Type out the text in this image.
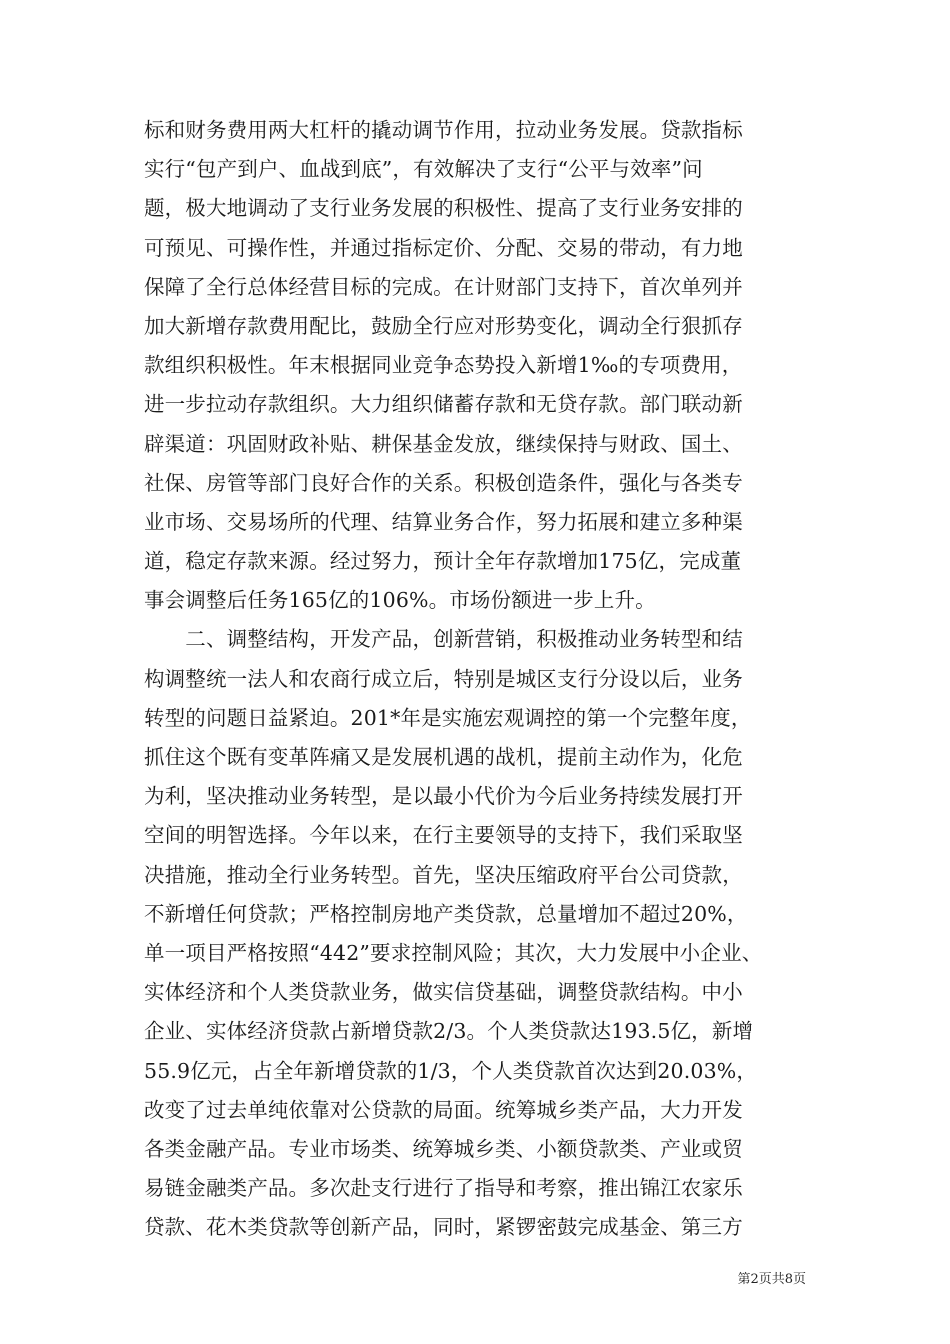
标和财务费用两大杠杆的撬动调节作用，拉动业务发展。贷款指标
实行“包产到户、血战到底”，有效解决了支行“公平与效率”问
题，极大地调动了支行业务发展的积极性、提高了支行业务安排的
可预见、可操作性，并通过指标定价、分配、交易的带动，有力地
保障了全行总体经营目标的完成。在计财部门支持下，首次单列并
加大新增存款费用配比，鼓励全行应对形势变化，调动全行狠抓存
款组织积极性。年末根据同业竞争态势投入新增1‰的专项费用，
进一步拉动存款组织。大力组织储蓄存款和无贷存款。部门联动新
辟渠道：巩固财政补贴、耕保基金发放，继续保持与财政、国土、
社保、房管等部门良好合作的关系。积极创造条件，强化与各类专
业市场、交易场所的代理、结算业务合作，努力拓展和建立多种渠
道，稳定存款来源。经过努力，预计全年存款增加175亿，完成董
事会调整后任务165亿的106%。市场份额进一步上升。
　　二、调整结构，开发产品，创新营销，积极推动业务转型和结
构调整统一法人和农商行成立后，特别是城区支行分设以后，业务
转型的问题日益紧迫。201*年是实施宏观调控的第一个完整年度，
抓住这个既有变革阵痛又是发展机遇的战机，提前主动作为，化危
为利，坚决推动业务转型，是以最小代价为今后业务持续发展打开
空间的明智选择。今年以来，在行主要领导的支持下，我们采取坚
决措施，推动全行业务转型。首先，坚决压缩政府平台公司贷款，
不新增任何贷款；严格控制房地产类贷款，总量增加不超过20%，
单一项目严格按照“442”要求控制风险；其次，大力发展中小企业、
实体经济和个人类贷款业务，做实信贷基础，调整贷款结构。中小
企业、实体经济贷款占新增贷款2/3。个人类贷款达193.5亿，新增
55.9亿元，占全年新增贷款的1/3，个人类贷款首次达到20.03%，
改变了过去单纯依靠对公贷款的局面。统筹城乡类产品，大力开发
各类金融产品。专业市场类、统筹城乡类、小额贷款类、产业或贸
易链金融类产品。多次赴支行进行了指导和考察，推出锦江农家乐
贷款、花木类贷款等创新产品，同时，紧锣密鼓完成基金、第三方
第2页共8页
